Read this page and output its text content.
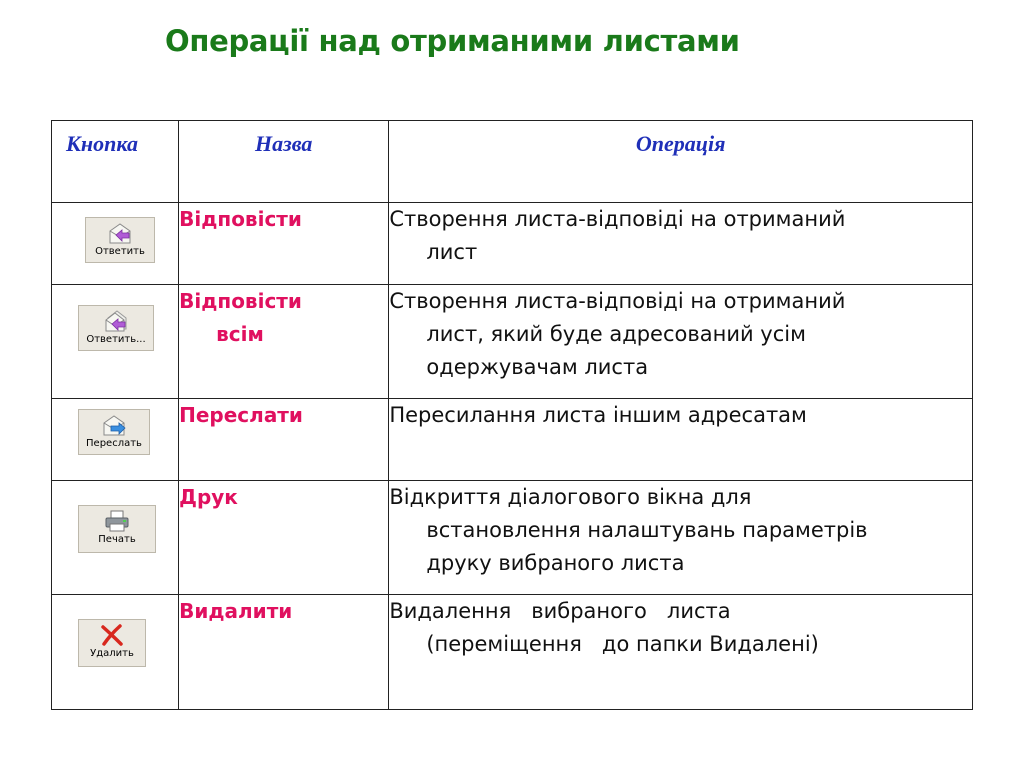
Операції над отриманими листами
Кнопка	Назва	Операція

Ответить	Відповісти	Створення листа-відповіді на отриманий
лист

Ответить...	Відповісти
всім	Створення листа-відповіді на отриманий
лист, який буде адресований усім
одержувачам листа

Переслать	Переслати	Пересилання листа іншим адресатам

Печать	Друк	Відкриття діалогового вікна для
встановлення налаштувань параметрів
друку вибраного листа

Удалить	Видалити	Видалення   вибраного   листа
(переміщення   до папки Видалені)
